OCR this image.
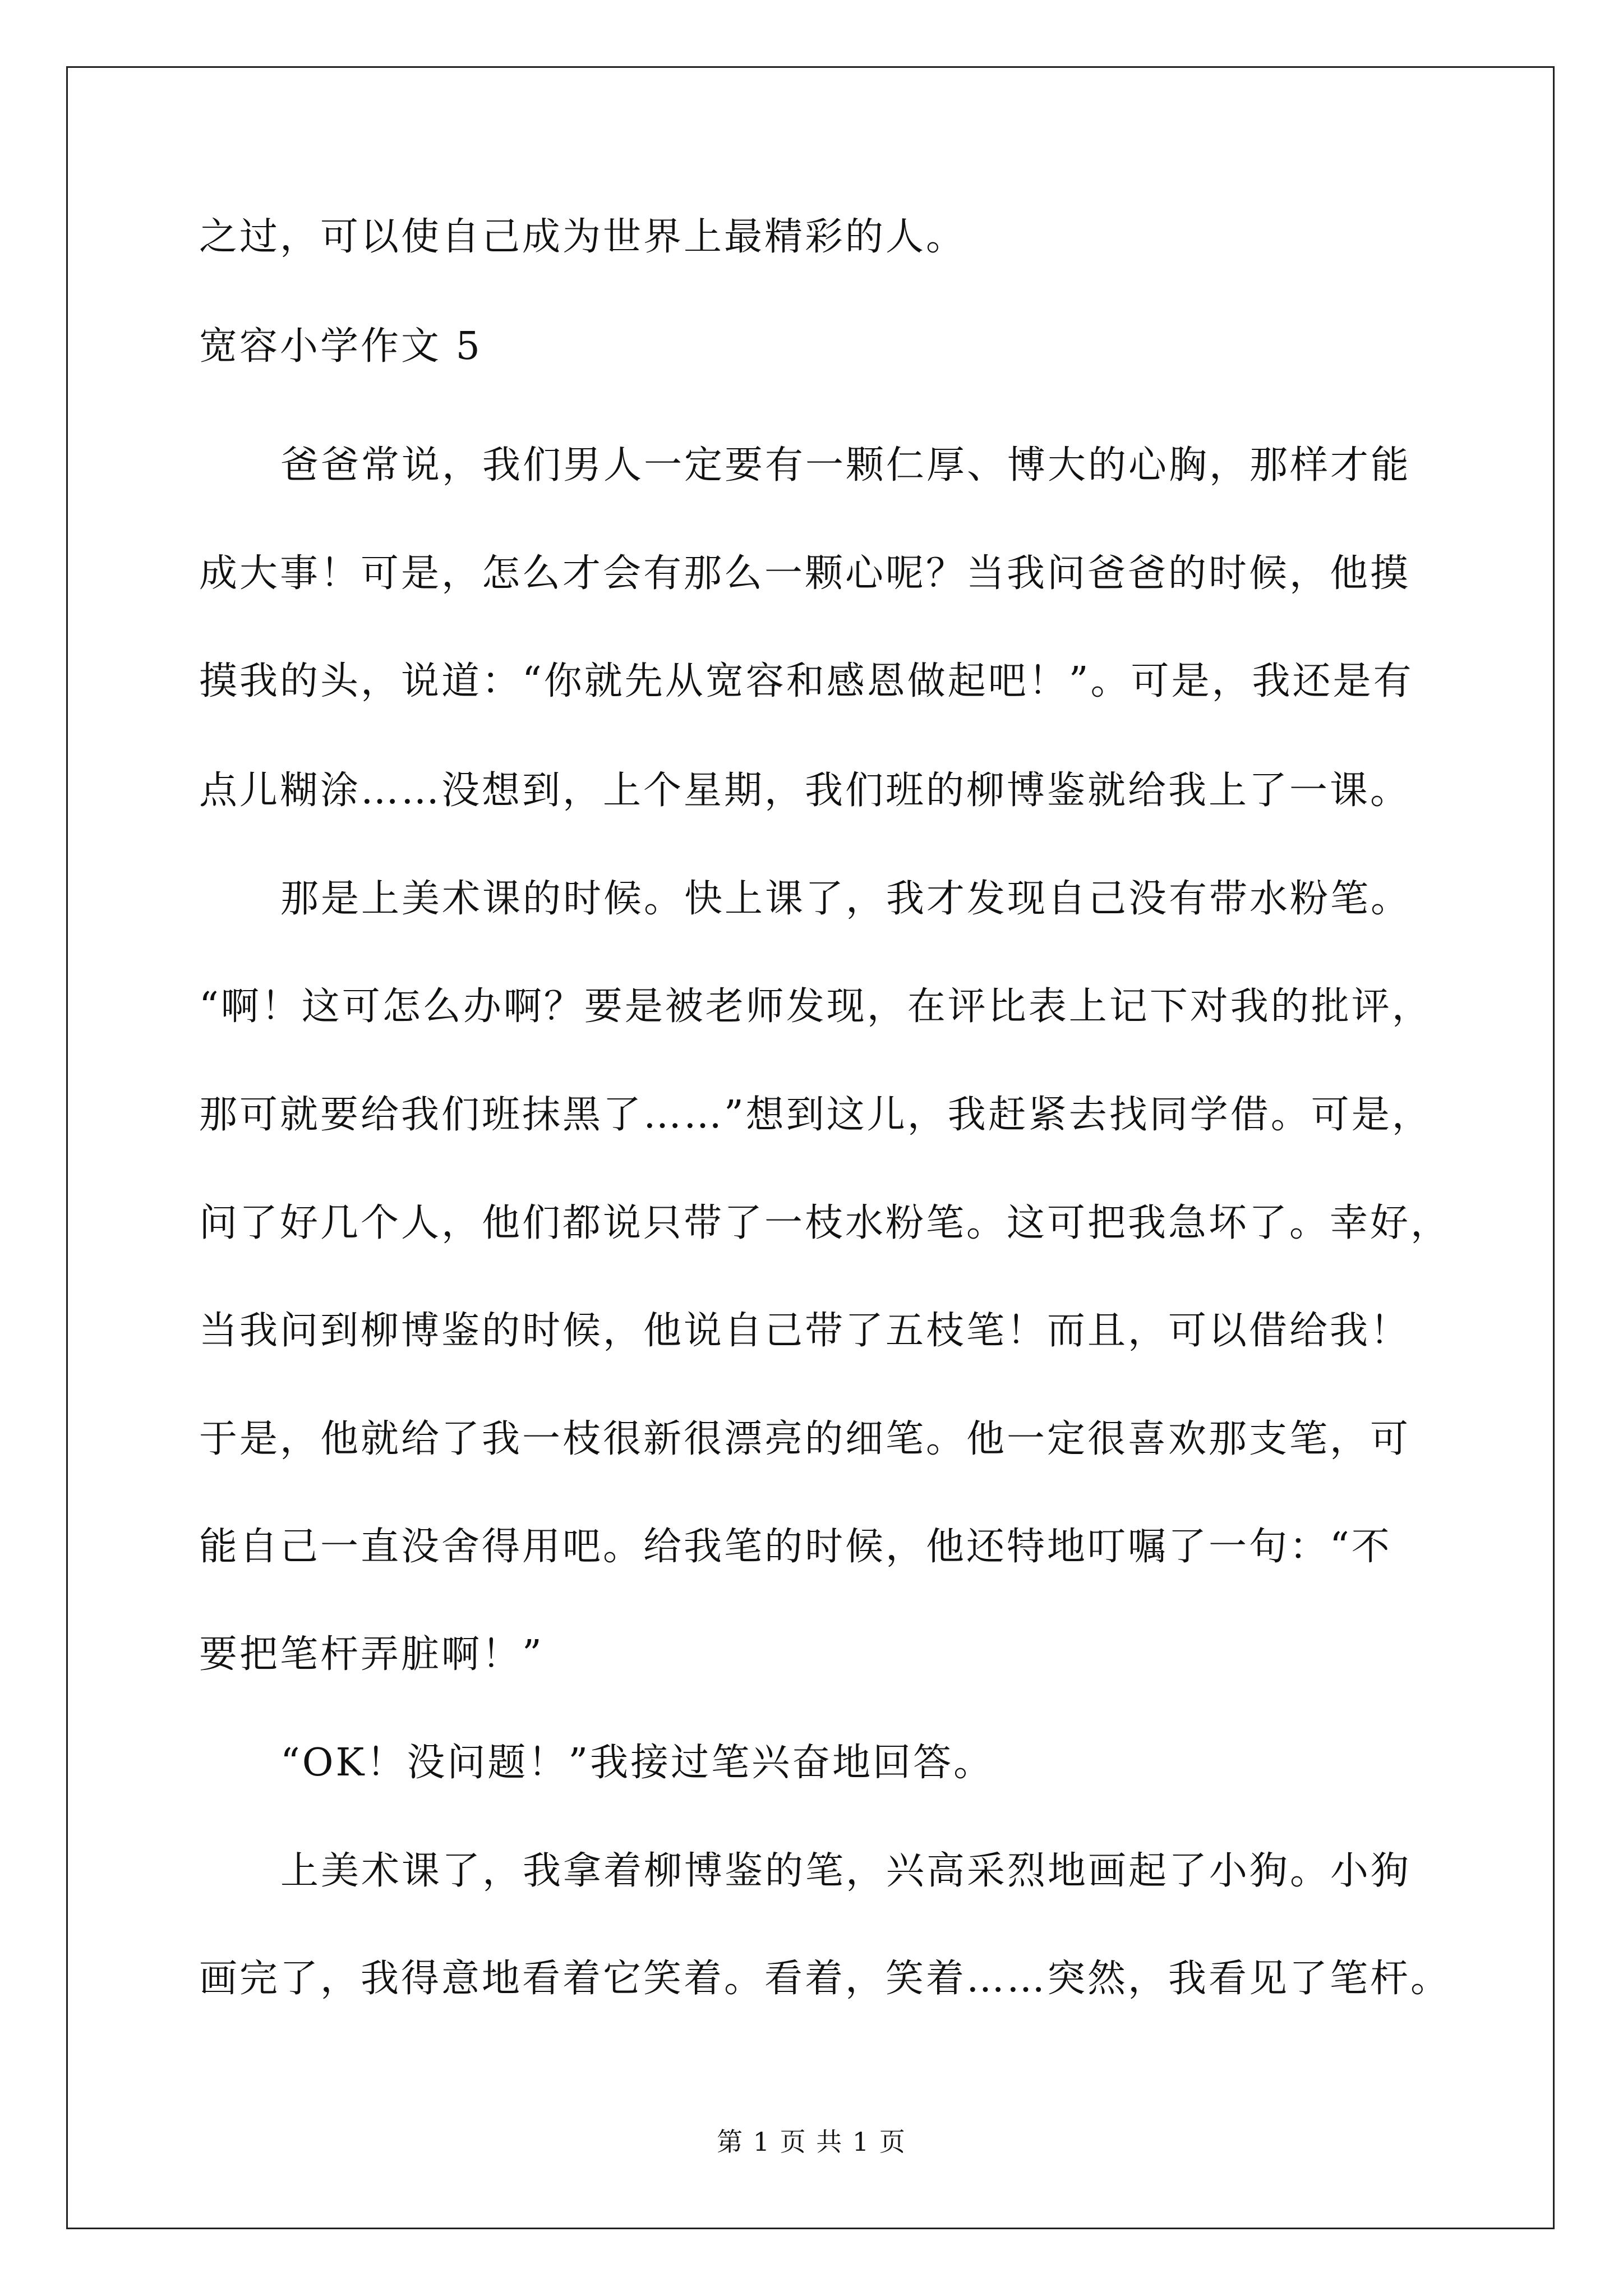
之过，可以使自己成为世界上最精彩的人。
宽容小学作文 5
爸爸常说，我们男人一定要有一颗仁厚、博大的心胸，那样才能
成大事！可是，怎么才会有那么一颗心呢？当我问爸爸的时候，他摸
摸我的头，说道：“你就先从宽容和感恩做起吧！”。可是，我还是有
点儿糊涂……没想到，上个星期，我们班的柳博鉴就给我上了一课。
那是上美术课的时候。快上课了，我才发现自己没有带水粉笔。
“啊！这可怎么办啊？要是被老师发现，在评比表上记下对我的批评，
那可就要给我们班抹黑了……”想到这儿，我赶紧去找同学借。可是，
问了好几个人，他们都说只带了一枝水粉笔。这可把我急坏了。幸好，
当我问到柳博鉴的时候，他说自己带了五枝笔！而且，可以借给我！
于是，他就给了我一枝很新很漂亮的细笔。他一定很喜欢那支笔，可
能自己一直没舍得用吧。给我笔的时候，他还特地叮嘱了一句：“不
要把笔杆弄脏啊！”
“OK！没问题！”我接过笔兴奋地回答。
上美术课了，我拿着柳博鉴的笔，兴高采烈地画起了小狗。小狗
画完了，我得意地看着它笑着。看着，笑着……突然，我看见了笔杆。
第 1 页 共 1 页
